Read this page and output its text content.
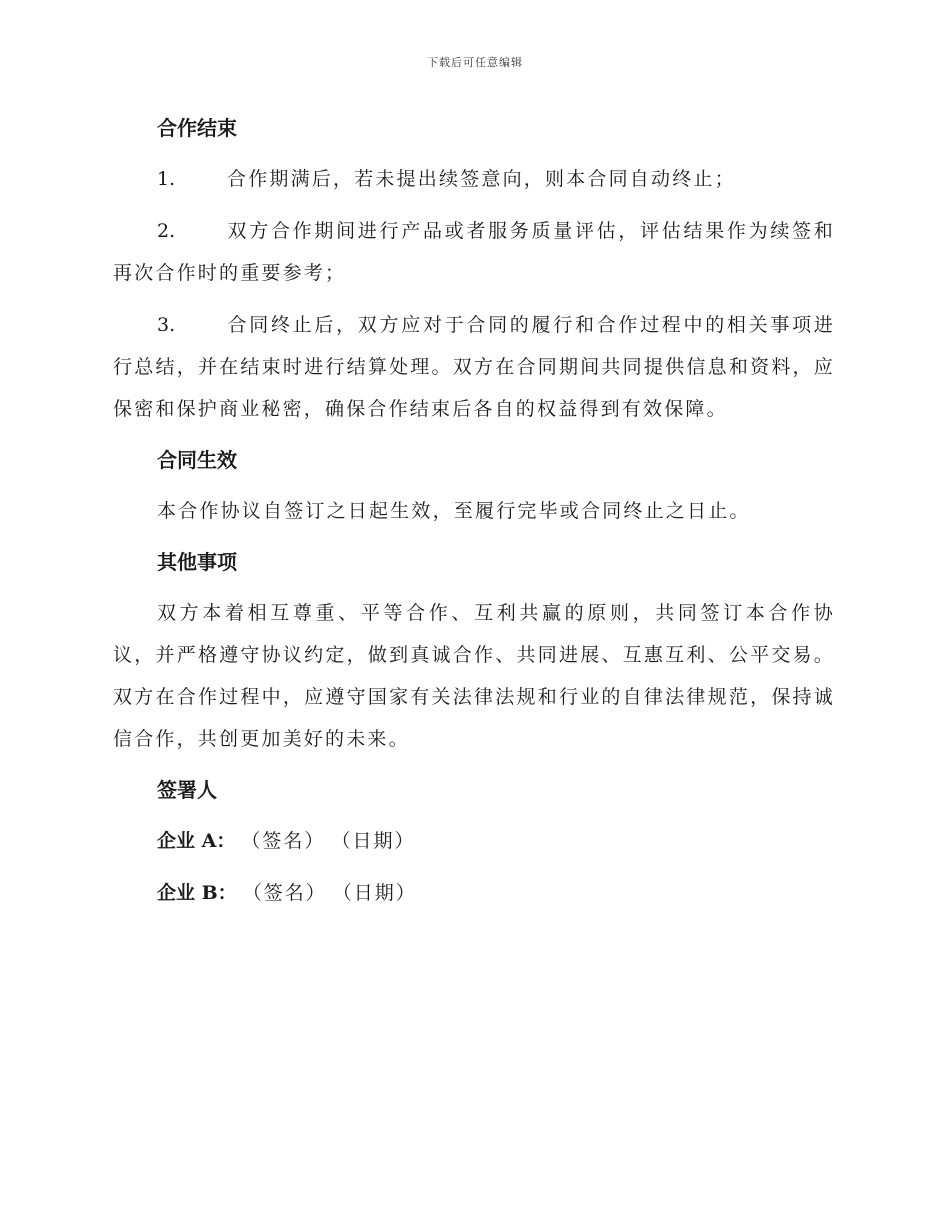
下载后可任意编辑
合作结束
1.	合作期满后，若未提出续签意向，则本合同自动终止；
2.	双方合作期间进行产品或者服务质量评估，评估结果作为续签和再次合作时的重要参考；
3.	合同终止后，双方应对于合同的履行和合作过程中的相关事项进行总结，并在结束时进行结算处理。双方在合同期间共同提供信息和资料，应保密和保护商业秘密，确保合作结束后各自的权益得到有效保障。
合同生效
本合作协议自签订之日起生效，至履行完毕或合同终止之日止。
其他事项
双方本着相互尊重、平等合作、互利共赢的原则，共同签订本合作协议，并严格遵守协议约定，做到真诚合作、共同进展、互惠互利、公平交易。双方在合作过程中，应遵守国家有关法律法规和行业的自律法律规范，保持诚信合作，共创更加美好的未来。
签署人
企业 A： （签名） （日期）
企业 B： （签名） （日期）
